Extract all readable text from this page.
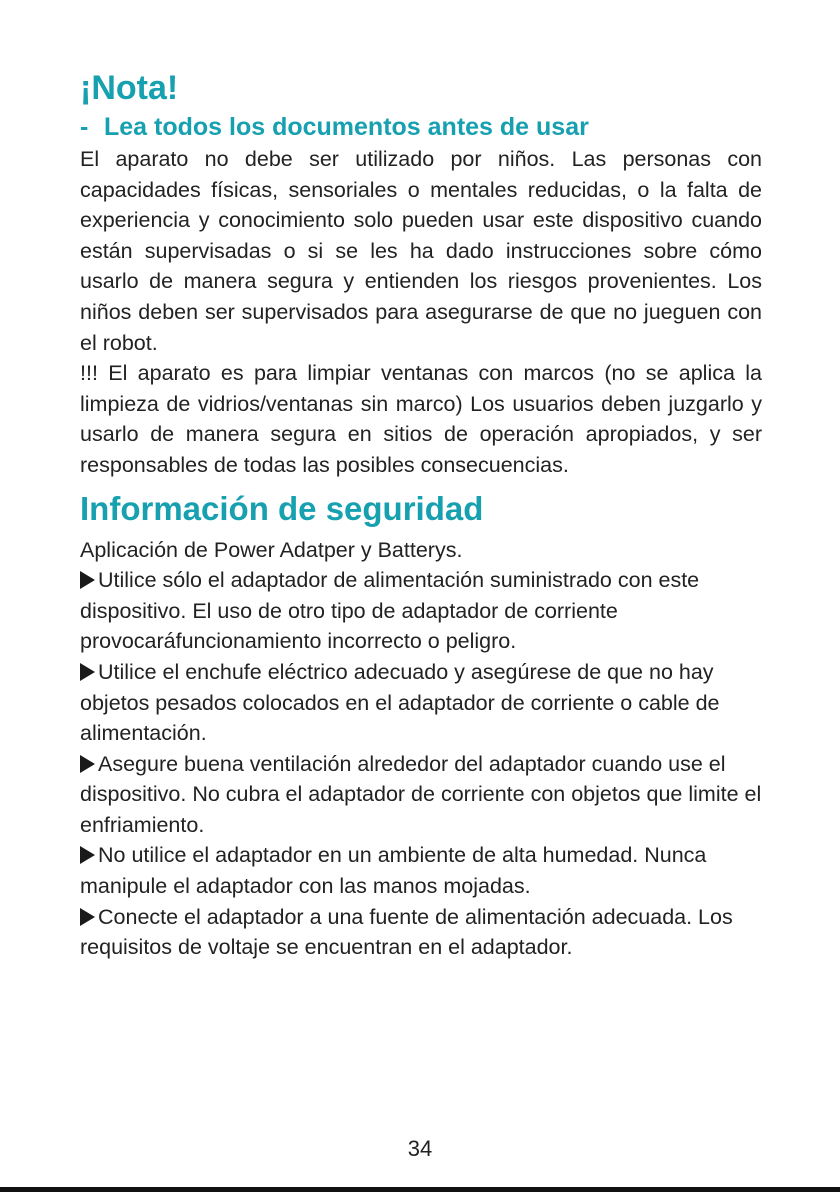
¡Nota!
- Lea todos los documentos antes de usar

El aparato no debe ser utilizado por niños. Las personas con capacidades físicas, sensoriales o mentales reducidas, o la falta de experiencia y conocimiento solo pueden usar este dispositivo cuando están supervisadas o si se les ha dado instrucciones sobre cómo usarlo de manera segura y entienden los riesgos provenientes. Los niños deben ser supervisados para asegurarse de que no jueguen con el robot.

!!! El aparato es para limpiar ventanas con marcos (no se aplica la limpieza de vidrios/ventanas sin marco) Los usuarios deben juzgarlo y usarlo de manera segura en sitios de operación apropiados, y ser responsables de todas las posibles consecuencias.

Información de seguridad

Aplicación de Power Adatper y Batterys.

Utilice sólo el adaptador de alimentación suministrado con este dispositivo. El uso de otro tipo de adaptador de corriente provocaráfuncionamiento incorrecto o peligro.

Utilice el enchufe eléctrico adecuado y asegúrese de que no hay objetos pesados colocados en el adaptador de corriente o cable de alimentación.

Asegure buena ventilación alrededor del adaptador cuando use el dispositivo. No cubra el adaptador de corriente con objetos que limite el enfriamiento.

No utilice el adaptador en un ambiente de alta humedad. Nunca manipule el adaptador con las manos mojadas.

Conecte el adaptador a una fuente de alimentación adecuada. Los requisitos de voltaje se encuentran en el adaptador.

34
